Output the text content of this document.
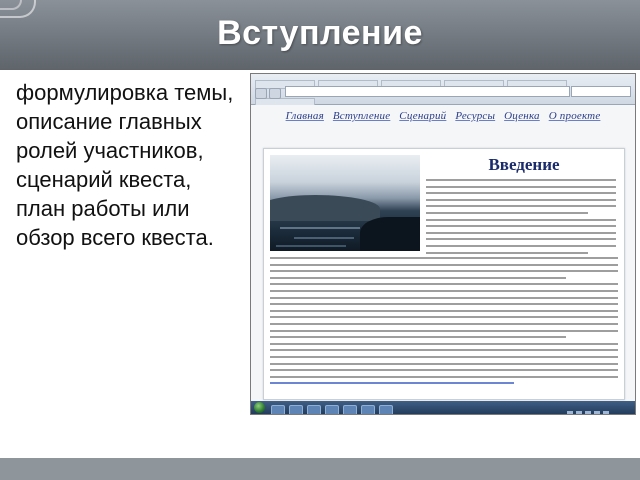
Вступление
формулировка темы, описание главных ролей участников, сценарий квеста, план работы или обзор всего квеста.
Главная Вступление Сценарий Ресурсы Оценка О проекте
Введение
